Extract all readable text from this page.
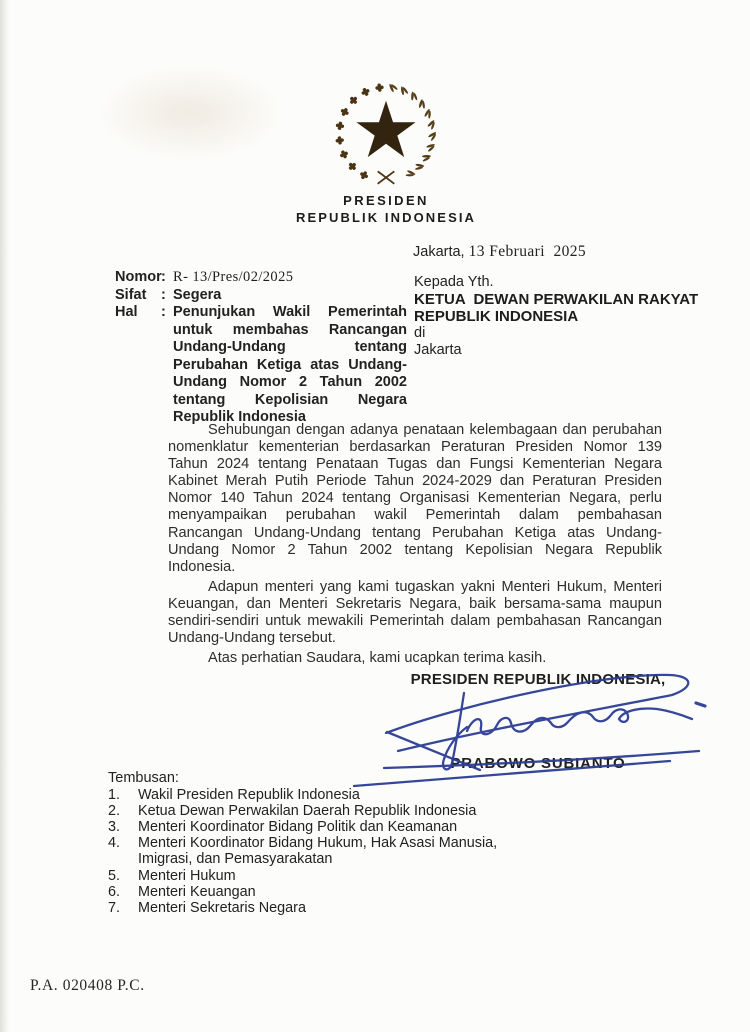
PRESIDEN
REPUBLIK INDONESIA
Jakarta, 13 Februari  2025
Nomor : R- 13/Pres/02/2025
Sifat	: Segera
Hal	: Penunjukan Wakil Pemerintah untuk membahas Rancangan Undang-Undang tentang Perubahan Ketiga atas Undang-Undang Nomor 2 Tahun 2002 tentang Kepolisian Negara Republik Indonesia
Kepada Yth.
KETUA  DEWAN PERWAKILAN RAKYAT
REPUBLIK INDONESIA
di
Jakarta

Sehubungan dengan adanya penataan kelembagaan dan perubahan nomenklatur kementerian berdasarkan Peraturan Presiden Nomor 139 Tahun 2024 tentang Penataan Tugas dan Fungsi Kementerian Negara Kabinet Merah Putih Periode Tahun 2024-2029 dan Peraturan Presiden Nomor 140 Tahun 2024 tentang Organisasi Kementerian Negara, perlu menyampaikan perubahan wakil Pemerintah dalam pembahasan Rancangan Undang-Undang tentang Perubahan Ketiga atas Undang-Undang Nomor 2 Tahun 2002 tentang Kepolisian Negara Republik Indonesia.

Adapun menteri yang kami tugaskan yakni Menteri Hukum, Menteri Keuangan, dan Menteri Sekretaris Negara, baik bersama-sama maupun sendiri-sendiri untuk mewakili Pemerintah dalam pembahasan Rancangan Undang-Undang tersebut.

Atas perhatian Saudara, kami ucapkan terima kasih.

PRESIDEN REPUBLIK INDONESIA,
PRABOWO SUBIANTO
Tembusan:
1.	Wakil Presiden Republik Indonesia
2.	Ketua Dewan Perwakilan Daerah Republik Indonesia
3.	Menteri Koordinator Bidang Politik dan Keamanan
4.	Menteri Koordinator Bidang Hukum, Hak Asasi Manusia, Imigrasi, dan Pemasyarakatan
5.	Menteri Hukum
6.	Menteri Keuangan
7.	Menteri Sekretaris Negara
P.A. 020408 P.C.
